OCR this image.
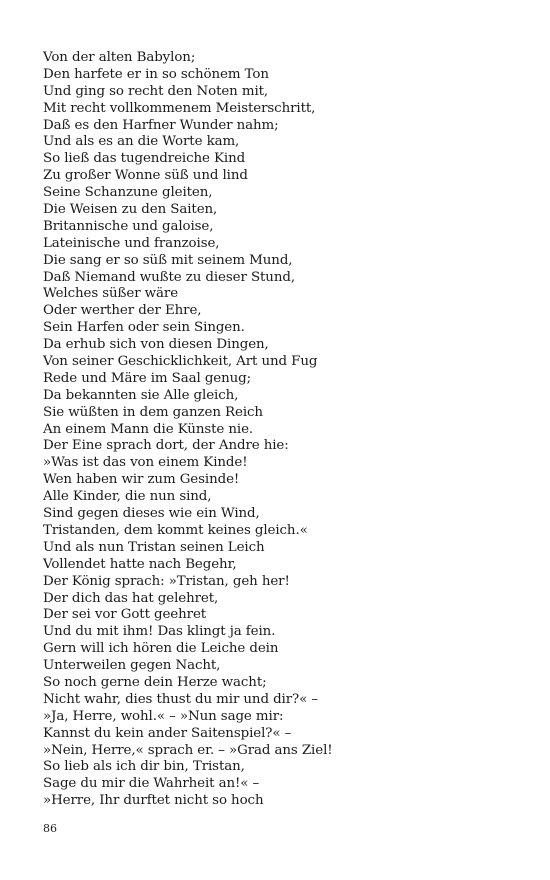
Von der alten Babylon;
Den harfete er in so schönem Ton
Und ging so recht den Noten mit,
Mit recht vollkommenem Meisterschritt,
Daß es den Harfner Wunder nahm;
Und als es an die Worte kam,
So ließ das tugendreiche Kind
Zu großer Wonne süß und lind
Seine Schanzune gleiten,
Die Weisen zu den Saiten,
Britannische und galoise,
Lateinische und franzoise,
Die sang er so süß mit seinem Mund,
Daß Niemand wußte zu dieser Stund,
Welches süßer wäre
Oder werther der Ehre,
Sein Harfen oder sein Singen.
Da erhub sich von diesen Dingen,
Von seiner Geschicklichkeit, Art und Fug
Rede und Märe im Saal genug;
Da bekannten sie Alle gleich,
Sie wüßten in dem ganzen Reich
An einem Mann die Künste nie.
Der Eine sprach dort, der Andre hie:
»Was ist das von einem Kinde!
Wen haben wir zum Gesinde!
Alle Kinder, die nun sind,
Sind gegen dieses wie ein Wind,
Tristanden, dem kommt keines gleich.«
Und als nun Tristan seinen Leich
Vollendet hatte nach Begehr,
Der König sprach: »Tristan, geh her!
Der dich das hat gelehret,
Der sei vor Gott geehret
Und du mit ihm! Das klingt ja fein.
Gern will ich hören die Leiche dein
Unterweilen gegen Nacht,
So noch gerne dein Herze wacht;
Nicht wahr, dies thust du mir und dir?« –
»Ja, Herre, wohl.« – »Nun sage mir:
Kannst du kein ander Saitenspiel?« –
»Nein, Herre,« sprach er. – »Grad ans Ziel!
So lieb als ich dir bin, Tristan,
Sage du mir die Wahrheit an!« –
»Herre, Ihr durftet nicht so hoch
86
